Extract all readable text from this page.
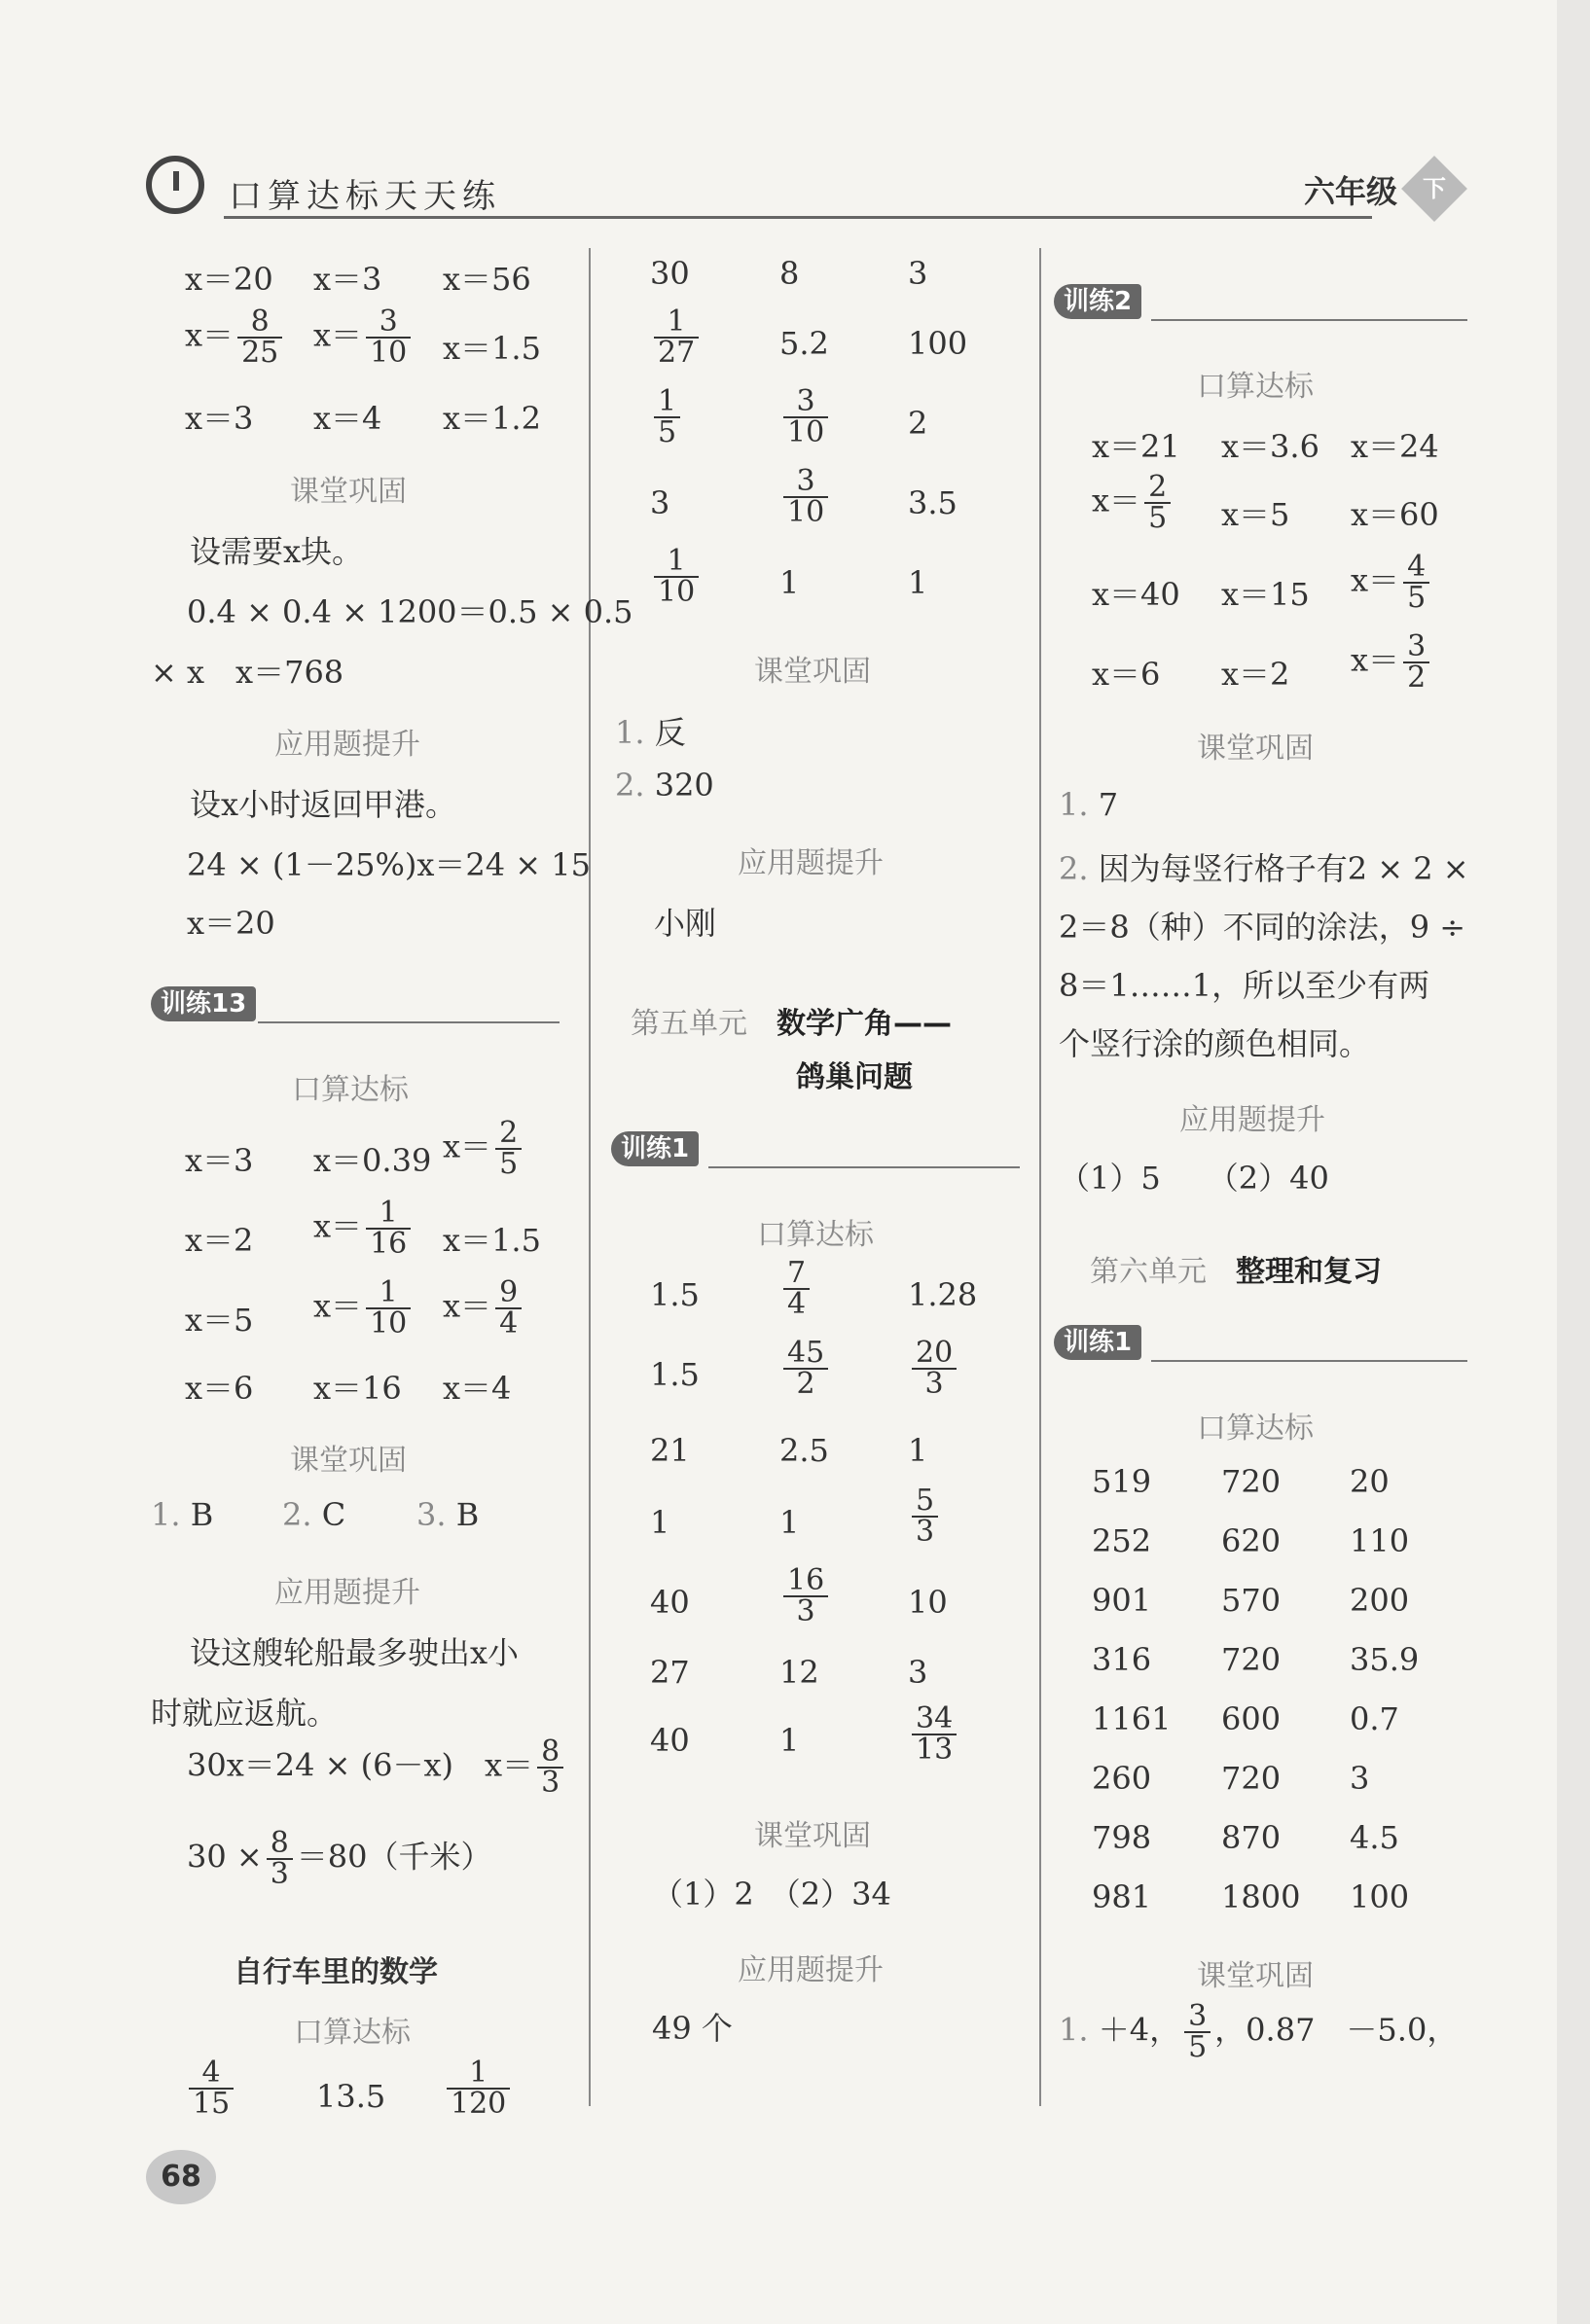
口算达标天天练	六年级	下
x＝20 x＝3 x＝56
$x= \frac{8}{25} x= \frac{3}{10} x=1.5$
x＝3 x＝4 x＝1.2
课堂巩固
设需要x块。
0.4 × 0.4 × 1200＝0.5 × 0.5
× x　x＝768
应用题提升
设x小时返回甲港。
24 × (1－25%)x＝24 × 15
x＝20
训练13
口算达标
x＝3 x＝0.39 $x= \frac{2}{5}$
x＝2 $x= \frac{1}{16} x=1.5$
x＝5 $x= \frac{1}{10} x= \frac{9}{4}$
x＝6 x＝16 x＝4
课堂巩固
1. B 2. C 3. B
应用题提升
设这艘轮船最多驶出x小
时就应返航。
30x＝24 × (6－x)　$x= \frac{8}{3}$
$30 \times \frac{8}{3} =80$（千米）
自行车里的数学
口算达标
$\frac{4}{15}$	$13.5 \frac{1}{120}$
30	8	3
$\frac{1}{27}$	5.2	100
$\frac{1}{5}$	$\frac{3}{10}$	2
3	$\frac{3}{10}$	3.5
$\frac{1}{10}$	1	1
课堂巩固
1. 反
2. 320
应用题提升
小刚
第五单元 数学广角——
鸽巢问题
训练1
口算达标
1.5	$\frac{7}{4}$	1.28
1.5	$\frac{45}{2}$	$\frac{20}{3}$
21	2.5	1
1	1	$\frac{5}{3}$
40	$\frac{16}{3}$	10
27	12	3
40	1	$\frac{34}{13}$
课堂巩固
（1）2　（2）34
应用题提升
49 个
训练2
口算达标
x＝21 x＝3.6 x＝24
$x= \frac{2}{5} x=5$ x＝60
x＝40 x＝15 $x= \frac{4}{5}$
x＝6 x＝2 $x= \frac{3}{2}$
课堂巩固
1. 7
2. 因为每竖行格子有2 × 2 ×
2＝8（种）不同的涂法，9 ÷
8＝1……1，所以至少有两
个竖行涂的颜色相同。
应用题提升
（1）5　　（2）40
第六单元 整理和复习
训练1
口算达标
519 720 20
252 620 110
901 570 200
316 720 35.9
1161 600 0.7
260 720 3
798 870 4.5
981 1800 100
课堂巩固
1. ＋4， $\frac{3}{5}$ ，0.87　－5.0，
68
